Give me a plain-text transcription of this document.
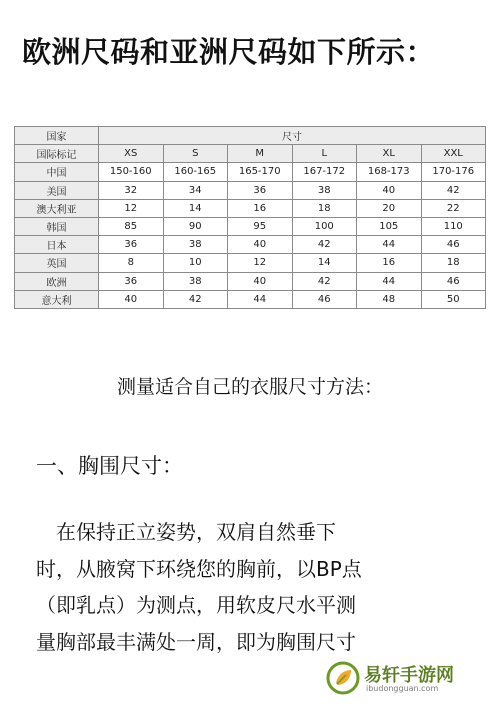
欧洲尺码和亚洲尺码如下所示：
国家	尺寸					
国际标记	XS	S	M	L	XL	XXL
中国	150-160	160-165	165-170	167-172	168-173	170-176
美国	32	34	36	38	40	42
澳大利亚	12	14	16	18	20	22
韩国	85	90	95	100	105	110
日本	36	38	40	42	44	46
英国	8	10	12	14	16	18
欧洲	36	38	40	42	44	46
意大利	40	42	44	46	48	50
测量适合自己的衣服尺寸方法：
一、胸围尺寸：
　在保持正立姿势，双肩自然垂下
时，从腋窝下环绕您的胸前，以BP点
（即乳点）为测点，用软皮尺水平测
量胸部最丰满处一周，即为胸围尺寸
易轩手游网
ibudongguan.com
